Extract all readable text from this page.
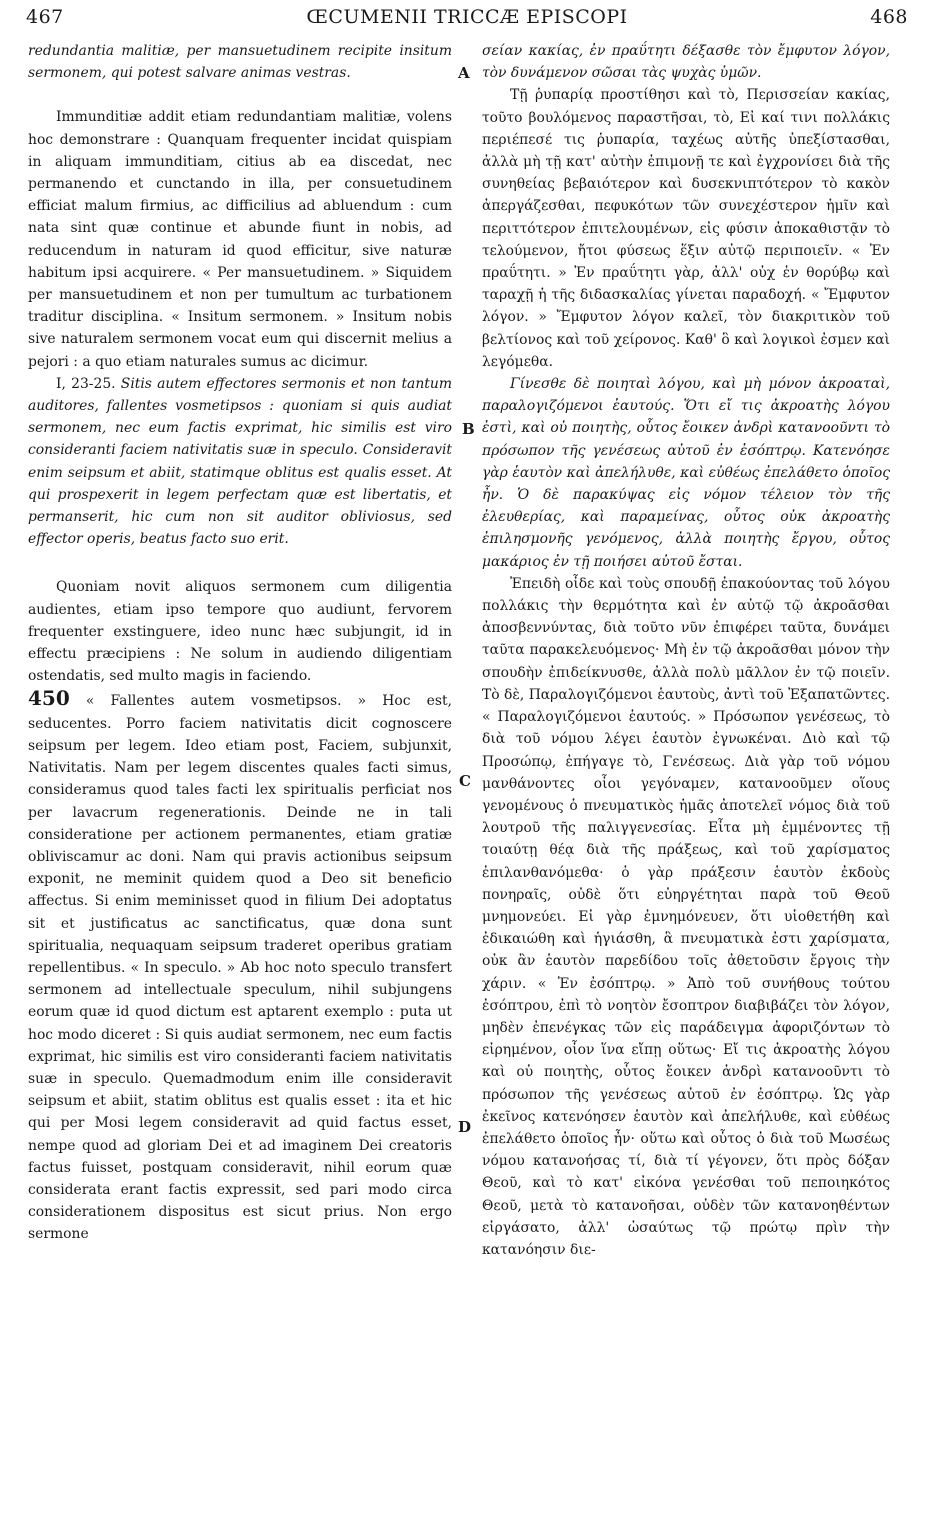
467	ŒCUMENII TRICCÆ EPISCOPI	468
A
B
C
D

redundantia malitiæ, per mansuetudinem recipite insitum sermonem, qui potest salvare animas vestras.

Immunditiæ addit etiam redundantiam malitiæ, volens hoc demonstrare : Quanquam frequenter incidat quispiam in aliquam immunditiam, citius ab ea discedat, nec permanendo et cunctando in illa, per consuetudinem efficiat malum firmius, ac difficilius ad abluendum : cum nata sint quæ continue et abunde fiunt in nobis, ad reducendum in naturam id quod efficitur, sive naturæ habitum ipsi acquirere. « Per mansuetudinem. » Siquidem per mansuetudinem et non per tumultum ac turbationem traditur disciplina. « Insitum sermonem. » Insitum nobis sive naturalem sermonem vocat eum qui discernit melius a pejori : a quo etiam naturales sumus ac dicimur.

I, 23-25. Sitis autem effectores sermonis et non tantum auditores, fallentes vosmetipsos : quoniam si quis audiat sermonem, nec eum factis exprimat, hic similis est viro consideranti faciem nativitatis suæ in speculo. Consideravit enim seipsum et abiit, statimque oblitus est qualis esset. At qui prospexerit in legem perfectam quæ est libertatis, et permanserit, hic cum non sit auditor obliviosus, sed effector operis, beatus facto suo erit.

Quoniam novit aliquos sermonem cum diligentia audientes, etiam ipso tempore quo audiunt, fervorem frequenter exstinguere, ideo nunc hæc subjungit, id in effectu præcipiens : Ne solum in audiendo diligentiam ostendatis, sed multo magis in faciendo.

450 « Fallentes autem vosmetipsos. » Hoc est, seducentes. Porro faciem nativitatis dicit cognoscere seipsum per legem. Ideo etiam post, Faciem, subjunxit, Nativitatis. Nam per legem discentes quales facti simus, consideramus quod tales facti lex spiritualis perficiat nos per lavacrum regenerationis. Deinde ne in tali consideratione per actionem permanentes, etiam gratiæ obliviscamur ac doni. Nam qui pravis actionibus seipsum exponit, ne meminit quidem quod a Deo sit beneficio affectus. Si enim meminisset quod in filium Dei adoptatus sit et justificatus ac sanctificatus, quæ dona sunt spiritualia, nequaquam seipsum traderet operibus gratiam repellentibus. « In speculo. » Ab hoc noto speculo transfert sermonem ad intellectuale speculum, nihil subjungens eorum quæ id quod dictum est aptarent exemplo : puta ut hoc modo diceret : Si quis audiat sermonem, nec eum factis exprimat, hic similis est viro consideranti faciem nativitatis suæ in speculo. Quemadmodum enim ille consideravit seipsum et abiit, statim oblitus est qualis esset : ita et hic qui per Mosi legem consideravit ad quid factus esset, nempe quod ad gloriam Dei et ad imaginem Dei creatoris factus fuisset, postquam consideravit, nihil eorum quæ considerata erant factis expressit, sed pari modo circa considerationem dispositus est sicut prius. Non ergo sermone

σείαν κακίας, ἐν πραΰτητι δέξασθε τὸν ἔμφυτον λόγον, τὸν δυνάμενον σῶσαι τὰς ψυχὰς ὑμῶν.

Τῇ ῥυπαρίᾳ προστίθησι καὶ τὸ, Περισσείαν κακίας, τοῦτο βουλόμενος παραστῆσαι, τὸ, Εἰ καί τινι πολλάκις περιέπεσέ τις ῥυπαρία, ταχέως αὐτῆς ὑπεξίστασθαι, ἀλλὰ μὴ τῇ κατ' αὐτὴν ἐπιμονῇ τε καὶ ἐγχρονίσει διὰ τῆς συνηθείας βεβαιότερον καὶ δυσεκνιπτότερον τὸ κακὸν ἀπεργάζεσθαι, πεφυκότων τῶν συνεχέστερον ἡμῖν καὶ περιττότερον ἐπιτελουμένων, εἰς φύσιν ἀποκαθιστᾷν τὸ τελούμενον, ἤτοι φύσεως ἕξιν αὐτῷ περιποιεῖν. « Ἐν πραΰτητι. » Ἐν πραΰτητι γὰρ, ἀλλ' οὐχ ἐν θορύβῳ καὶ ταραχῇ ἡ τῆς διδασκαλίας γίνεται παραδοχή. « Ἔμφυτον λόγον. » Ἔμφυτον λόγον καλεῖ, τὸν διακριτικὸν τοῦ βελτίονος καὶ τοῦ χείρονος. Καθ' ὃ καὶ λογικοὶ ἐσμεν καὶ λεγόμεθα.

Γίνεσθε δὲ ποιηταὶ λόγου, καὶ μὴ μόνον ἀκροαταὶ, παραλογιζόμενοι ἑαυτούς. Ὅτι εἴ τις ἀκροατὴς λόγου ἐστὶ, καὶ οὐ ποιητὴς, οὗτος ἔοικεν ἀνδρὶ κατανοοῦντι τὸ πρόσωπον τῆς γενέσεως αὐτοῦ ἐν ἐσόπτρῳ. Κατενόησε γὰρ ἑαυτὸν καὶ ἀπελήλυθε, καὶ εὐθέως ἐπελάθετο ὁποῖος ἦν. Ὁ δὲ παρακύψας εἰς νόμον τέλειον τὸν τῆς ἐλευθερίας, καὶ παραμείνας, οὗτος οὐκ ἀκροατὴς ἐπιλησμονῆς γενόμενος, ἀλλὰ ποιητὴς ἔργου, οὗτος μακάριος ἐν τῇ ποιήσει αὐτοῦ ἔσται.

Ἐπειδὴ οἶδε καὶ τοὺς σπουδῇ ἐπακούοντας τοῦ λόγου πολλάκις τὴν θερμότητα καὶ ἐν αὐτῷ τῷ ἀκροᾶσθαι ἀποσβεννύντας, διὰ τοῦτο νῦν ἐπιφέρει ταῦτα, δυνάμει ταῦτα παρακελευόμενος· Μὴ ἐν τῷ ἀκροᾶσθαι μόνον τὴν σπουδὴν ἐπιδείκνυσθε, ἀλλὰ πολὺ μᾶλλον ἐν τῷ ποιεῖν. Τὸ δὲ, Παραλογιζόμενοι ἑαυτοὺς, ἀντὶ τοῦ Ἐξαπατῶντες. « Παραλογιζόμενοι ἑαυτούς. » Πρόσωπον γενέσεως, τὸ διὰ τοῦ νόμου λέγει ἑαυτὸν ἐγνωκέναι. Διὸ καὶ τῷ Προσώπῳ, ἐπήγαγε τὸ, Γενέσεως. Διὰ γὰρ τοῦ νόμου μανθάνοντες οἷοι γεγόναμεν, κατανοοῦμεν οἵους γενομένους ὁ πνευματικὸς ἡμᾶς ἀποτελεῖ νόμος διὰ τοῦ λουτροῦ τῆς παλιγγενεσίας. Εἶτα μὴ ἐμμένοντες τῇ τοιαύτῃ θέᾳ διὰ τῆς πράξεως, καὶ τοῦ χαρίσματος ἐπιλανθανόμεθα· ὁ γὰρ πράξεσιν ἑαυτὸν ἐκδοὺς πονηραῖς, οὐδὲ ὅτι εὐηργέτηται παρὰ τοῦ Θεοῦ μνημονεύει. Εἰ γὰρ ἐμνημόνευεν, ὅτι υἱοθετήθη καὶ ἐδικαιώθη καὶ ἡγιάσθη, ἃ πνευματικὰ ἐστι χαρίσματα, οὐκ ἂν ἑαυτὸν παρεδίδου τοῖς ἀθετοῦσιν ἔργοις τὴν χάριν. « Ἐν ἐσόπτρῳ. » Ἀπὸ τοῦ συνήθους τούτου ἐσόπτρου, ἐπὶ τὸ νοητὸν ἔσοπτρον διαβιβάζει τὸν λόγον, μηδὲν ἐπενέγκας τῶν εἰς παράδειγμα ἀφοριζόντων τὸ εἰρημένον, οἷον ἵνα εἴπῃ οὕτως· Εἴ τις ἀκροατὴς λόγου καὶ οὐ ποιητὴς, οὗτος ἔοικεν ἀνδρὶ κατανοοῦντι τὸ πρόσωπον τῆς γενέσεως αὐτοῦ ἐν ἐσόπτρῳ. Ὡς γὰρ ἐκεῖνος κατενόησεν ἑαυτὸν καὶ ἀπελήλυθε, καὶ εὐθέως ἐπελάθετο ὁποῖος ἦν· οὕτω καὶ οὗτος ὁ διὰ τοῦ Μωσέως νόμου κατανοήσας τί, διὰ τί γέγονεν, ὅτι πρὸς δόξαν Θεοῦ, καὶ τὸ κατ' εἰκόνα γενέσθαι τοῦ πεποιηκότος Θεοῦ, μετὰ τὸ κατανοῆσαι, οὐδὲν τῶν κατανοηθέντων εἰργάσατο, ἀλλ' ὡσαύτως τῷ πρώτῳ πρὶν τὴν κατανόησιν διε-
